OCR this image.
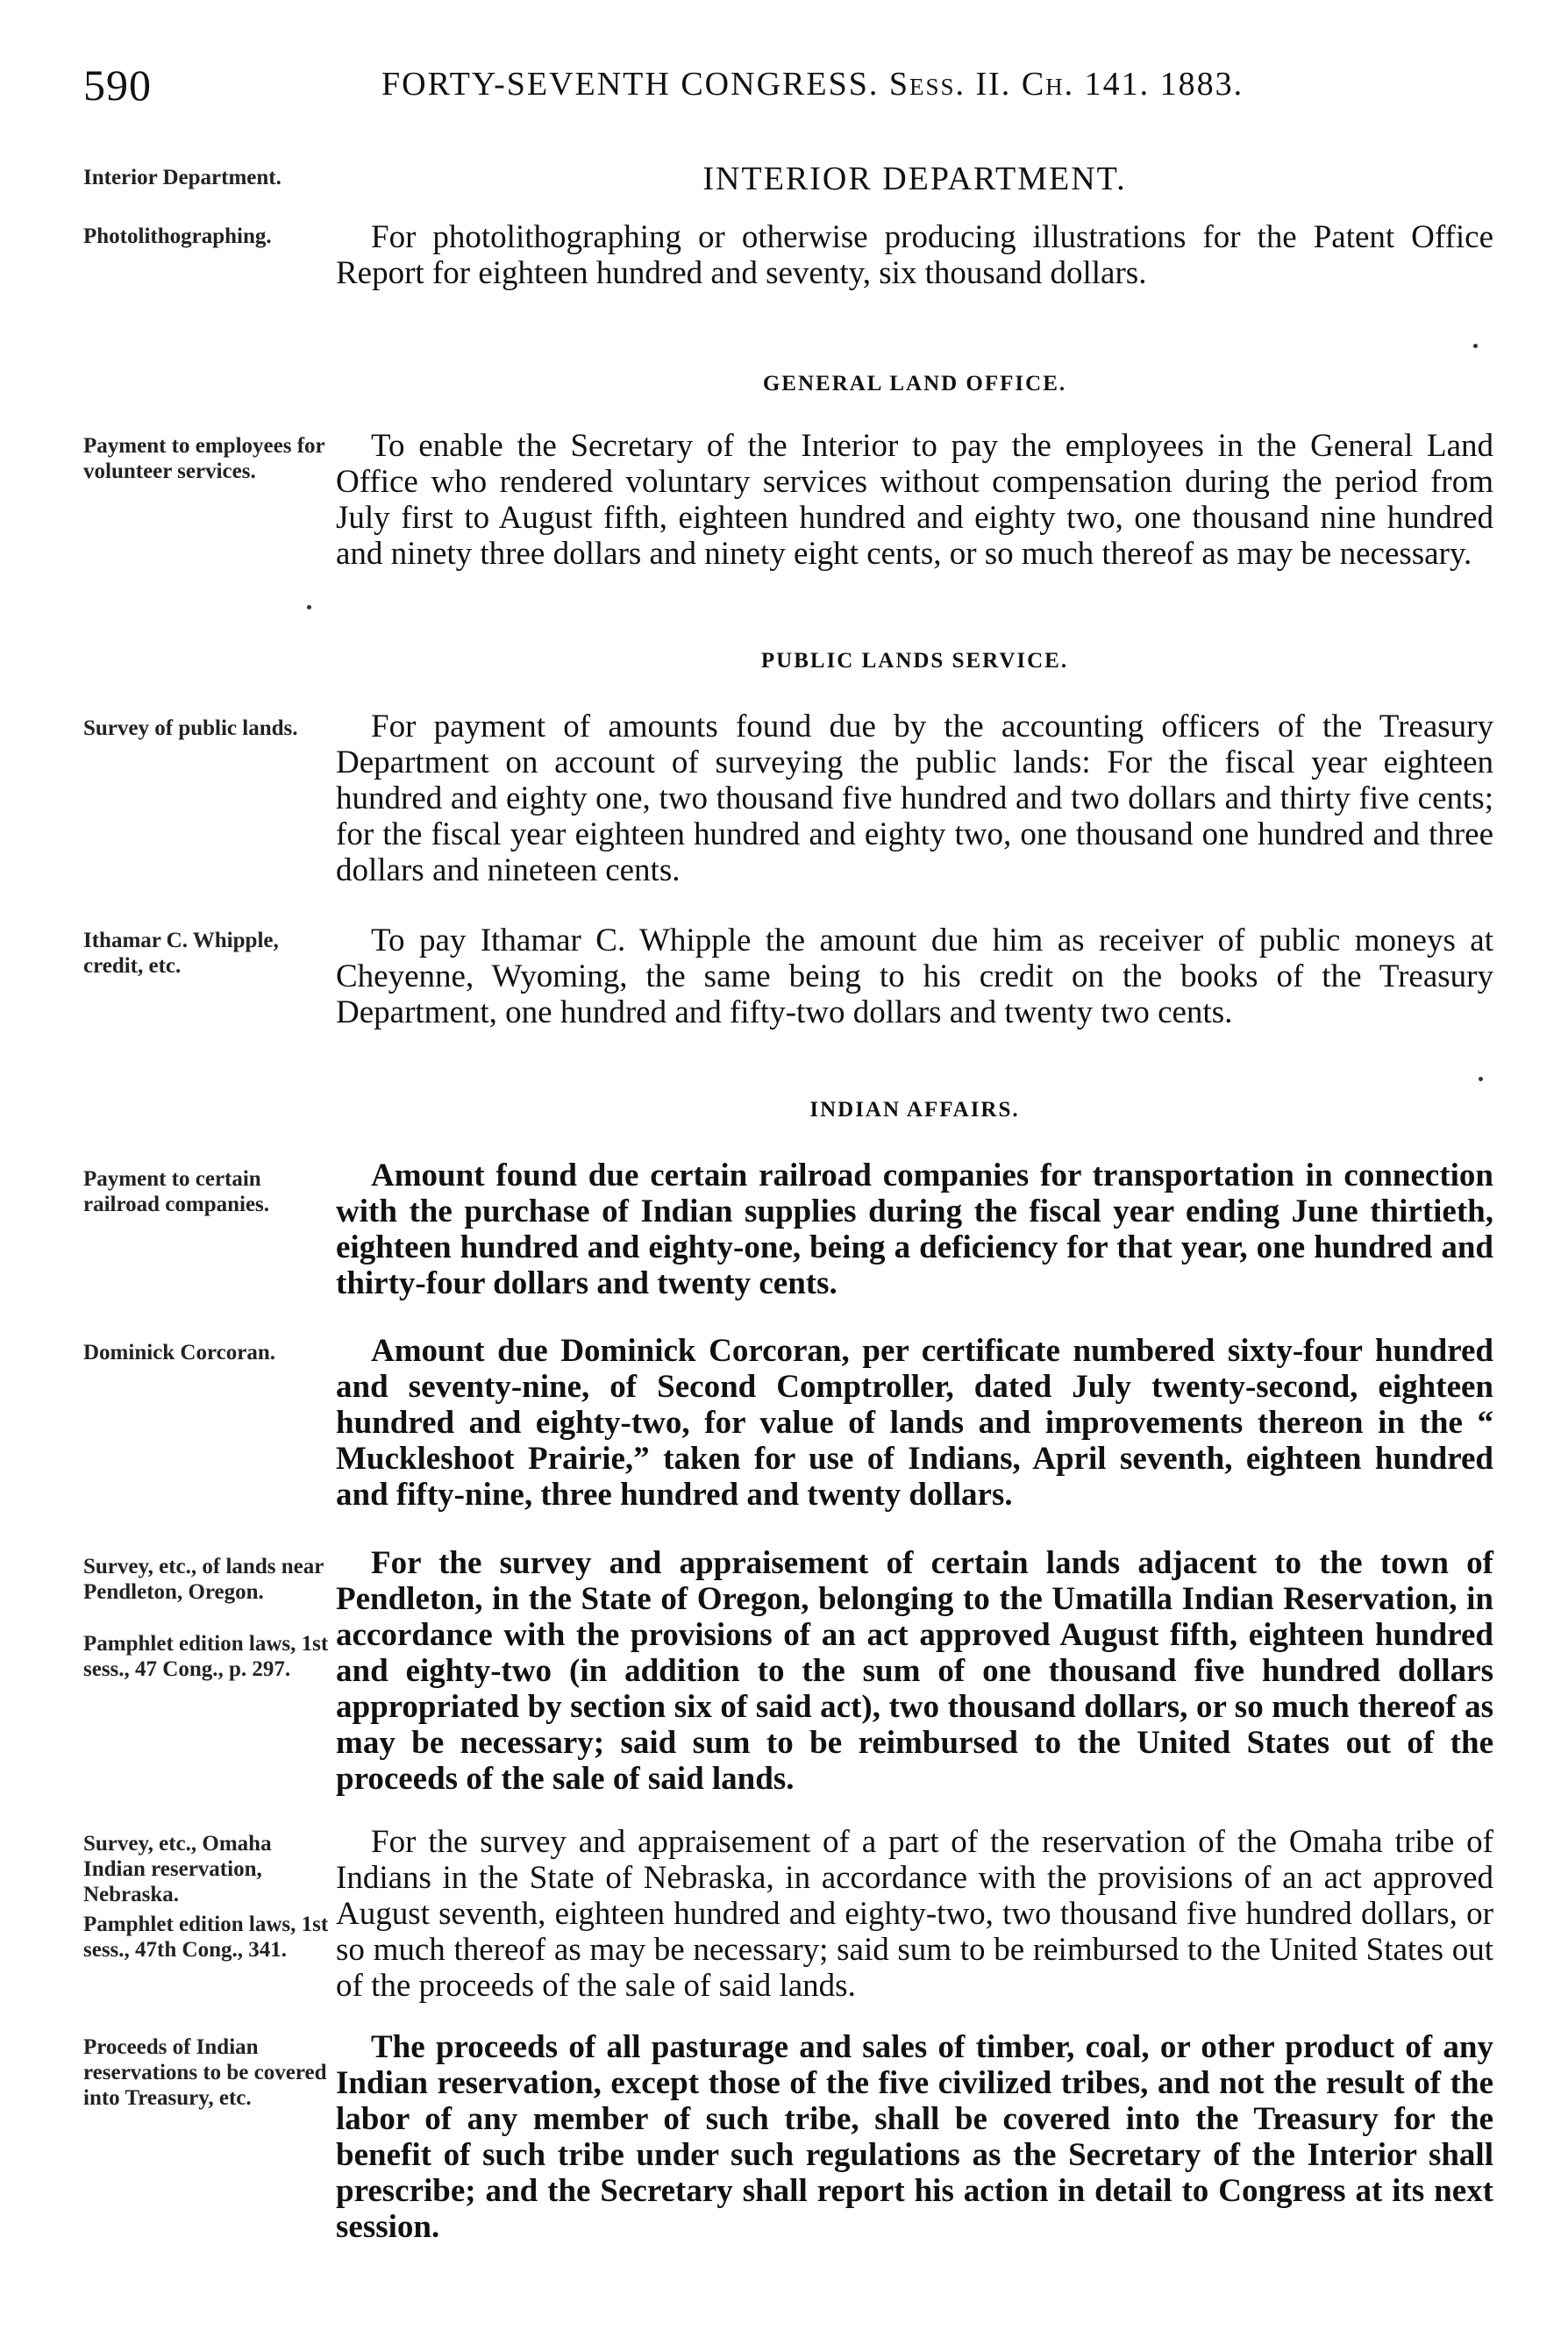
590	FORTY-SEVENTH CONGRESS. Sess. II. Ch. 141. 1883.
Interior Department.	INTERIOR DEPARTMENT.
Photolithographing.	For photolithographing or otherwise producing illustrations for the Patent Office Report for eighteen hundred and seventy, six thousand dollars.
GENERAL LAND OFFICE.
Payment to employees for volunteer services.
To enable the Secretary of the Interior to pay the employees in the General Land Office who rendered voluntary services without compensation during the period from July first to August fifth, eighteen hundred and eighty two, one thousand nine hundred and ninety three dollars and ninety eight cents, or so much thereof as may be necessary.
PUBLIC LANDS SERVICE.
Survey of public lands.	For payment of amounts found due by the accounting officers of the Treasury Department on account of surveying the public lands: For the fiscal year eighteen hundred and eighty one, two thousand five hundred and two dollars and thirty five cents; for the fiscal year eighteen hundred and eighty two, one thousand one hundred and three dollars and nineteen cents.
Ithamar C. Whipple, credit, etc.
To pay Ithamar C. Whipple the amount due him as receiver of public moneys at Cheyenne, Wyoming, the same being to his credit on the books of the Treasury Department, one hundred and fifty-two dollars and twenty two cents.
INDIAN AFFAIRS.
Payment to certain railroad companies.
Amount found due certain railroad companies for transportation in connection with the purchase of Indian supplies during the fiscal year ending June thirtieth, eighteen hundred and eighty-one, being a deficiency for that year, one hundred and thirty-four dollars and twenty cents.
Dominick Corcoran.	Amount due Dominick Corcoran, per certificate numbered sixty-four hundred and seventy-nine, of Second Comptroller, dated July twenty-second, eighteen hundred and eighty-two, for value of lands and improvements thereon in the “ Muckleshoot Prairie,” taken for use of Indians, April seventh, eighteen hundred and fifty-nine, three hundred and twenty dollars.
Survey, etc., of lands near Pendleton, Oregon.
Pamphlet edition laws, 1st sess., 47 Cong., p. 297.
For the survey and appraisement of certain lands adjacent to the town of Pendleton, in the State of Oregon, belonging to the Umatilla Indian Reservation, in accordance with the provisions of an act approved August fifth, eighteen hundred and eighty-two (in addition to the sum of one thousand five hundred dollars appropriated by section six of said act), two thousand dollars, or so much thereof as may be necessary; said sum to be reimbursed to the United States out of the proceeds of the sale of said lands.
Survey, etc., Omaha Indian reservation, Nebraska.
Pamphlet edition laws, 1st sess., 47th Cong., 341.
For the survey and appraisement of a part of the reservation of the Omaha tribe of Indians in the State of Nebraska, in accordance with the provisions of an act approved August seventh, eighteen hundred and eighty-two, two thousand five hundred dollars, or so much thereof as may be necessary; said sum to be reimbursed to the United States out of the proceeds of the sale of said lands.
Proceeds of Indian reservations to be covered into Treasury, etc.
The proceeds of all pasturage and sales of timber, coal, or other product of any Indian reservation, except those of the five civilized tribes, and not the result of the labor of any member of such tribe, shall be covered into the Treasury for the benefit of such tribe under such regulations as the Secretary of the Interior shall prescribe; and the Secretary shall report his action in detail to Congress at its next session.
